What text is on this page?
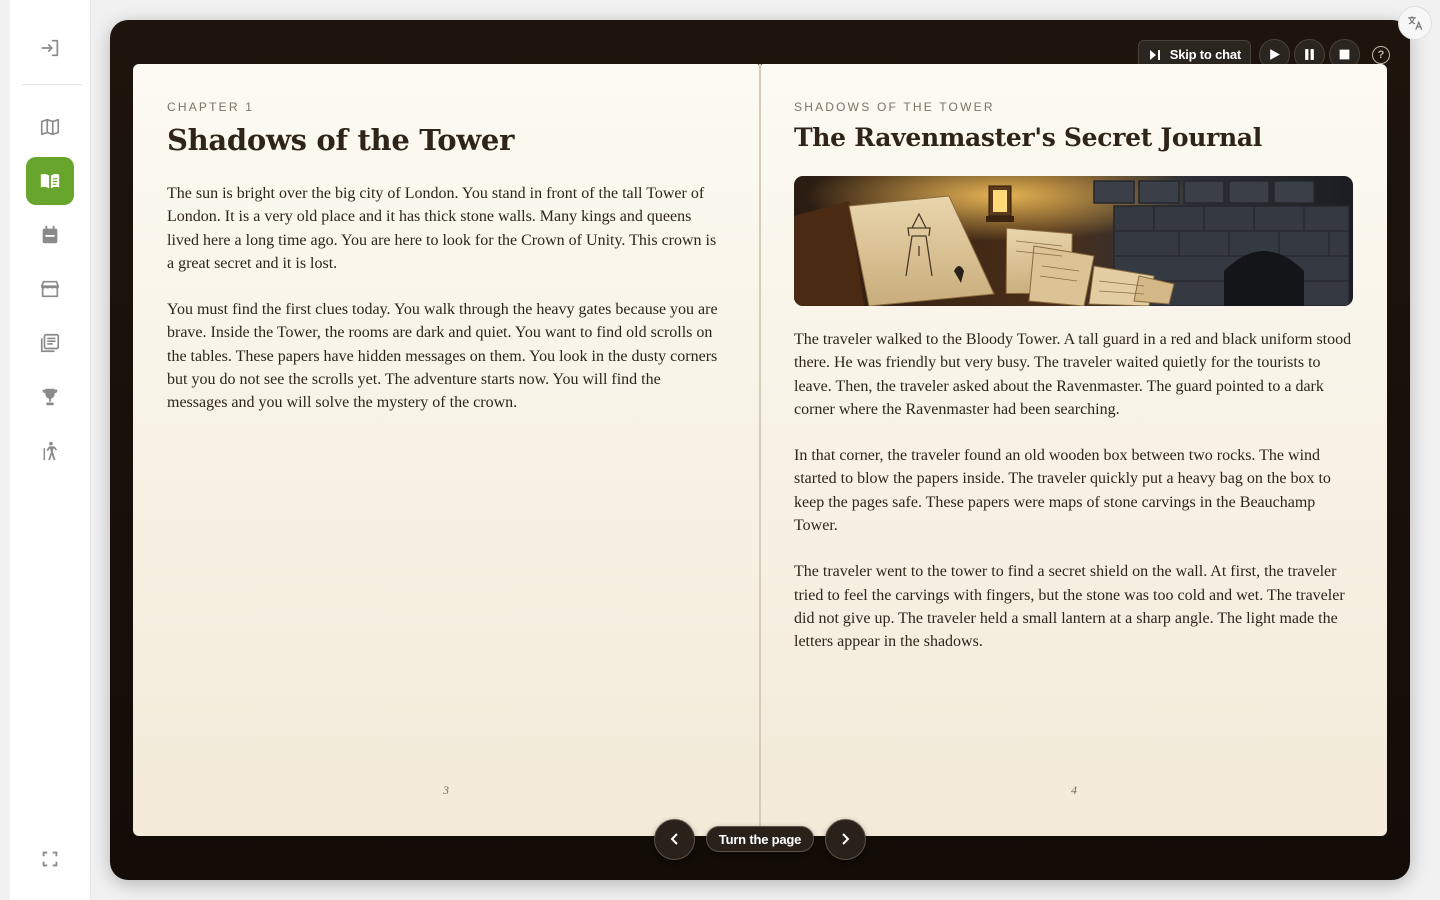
Skip to chat	?
CHAPTER 1
Shadows of the Tower

The sun is bright over the big city of London. You stand in front of the tall Tower of London. It is a very old place and it has thick stone walls. Many kings and queens lived here a long time ago. You are here to look for the Crown of Unity. This crown is a great secret and it is lost.

You must find the first clues today. You walk through the heavy gates because you are brave. Inside the Tower, the rooms are dark and quiet. You want to find old scrolls on the tables. These papers have hidden messages on them. You look in the dusty corners but you do not see the scrolls yet. The adventure starts now. You will find the messages and you will solve the mystery of the crown.

3
SHADOWS OF THE TOWER
The Ravenmaster's Secret Journal

The traveler walked to the Bloody Tower. A tall guard in a red and black uniform stood there. He was friendly but very busy. The traveler waited quietly for the tourists to leave. Then, the traveler asked about the Ravenmaster. The guard pointed to a dark corner where the Ravenmaster had been searching.

In that corner, the traveler found an old wooden box between two rocks. The wind started to blow the papers inside. The traveler quickly put a heavy bag on the box to keep the pages safe. These papers were maps of stone carvings in the Beauchamp Tower.

The traveler went to the tower to find a secret shield on the wall. At first, the traveler tried to feel the carvings with fingers, but the stone was too cold and wet. The traveler did not give up. The traveler held a small lantern at a sharp angle. The light made the letters appear in the shadows.

4
Turn the page
